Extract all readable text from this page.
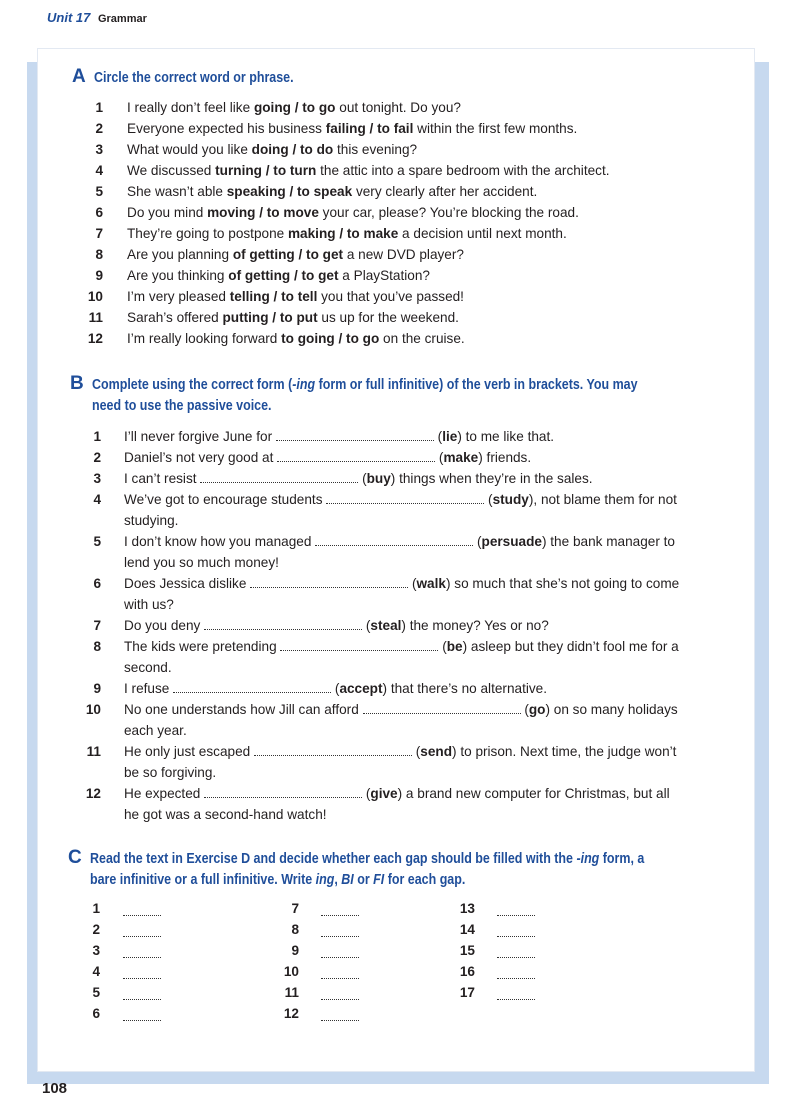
Unit 17 Grammar
A Circle the correct word or phrase.
1 I really don’t feel like going / to go out tonight. Do you?
2 Everyone expected his business failing / to fail within the first few months.
3 What would you like doing / to do this evening?
4 We discussed turning / to turn the attic into a spare bedroom with the architect.
5 She wasn’t able speaking / to speak very clearly after her accident.
6 Do you mind moving / to move your car, please? You’re blocking the road.
7 They’re going to postpone making / to make a decision until next month.
8 Are you planning of getting / to get a new DVD player?
9 Are you thinking of getting / to get a PlayStation?
10 I’m very pleased telling / to tell you that you’ve passed!
11 Sarah’s offered putting / to put us up for the weekend.
12 I’m really looking forward to going / to go on the cruise.
B Complete using the correct form (-ing form or full infinitive) of the verb in brackets. You may
need to use the passive voice.
1 I’ll never forgive June for	(lie) to me like that.
2 Daniel’s not very good at	(make) friends.
3 I can’t resist	(buy) things when they’re in the sales.
4 We’ve got to encourage students	(study), not blame them for not
studying.
5 I don’t know how you managed	(persuade) the bank manager to
lend you so much money!
6 Does Jessica dislike	(walk) so much that she’s not going to come
with us?
7 Do you deny	(steal) the money? Yes or no?
8 The kids were pretending	(be) asleep but they didn’t fool me for a
second.
9 I refuse	(accept) that there’s no alternative.
10 No one understands how Jill can afford	(go) on so many holidays
each year.
11 He only just escaped	(send) to prison. Next time, the judge won’t
be so forgiving.
12 He expected	(give) a brand new computer for Christmas, but all
he got was a second-hand watch!
C Read the text in Exercise D and decide whether each gap should be filled with the -ing form, a
bare infinitive or a full infinitive. Write ing, BI or FI for each gap.
1
2
3
4
5
6
7
8
9
10
11
12
13
14
15
16
17
108
